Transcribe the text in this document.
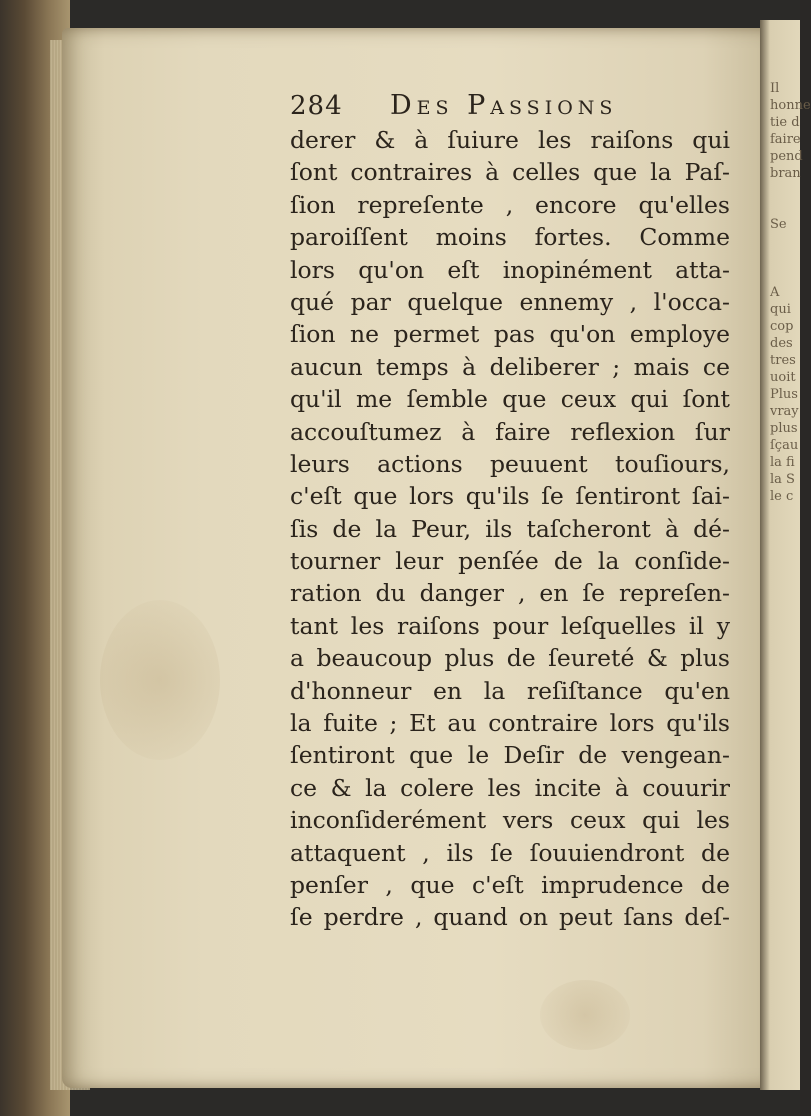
Il
honne
tie d
faire
pend
bran
Se
A
qui
cop
des
tres
uoit
Plus
vray
plus
ſçau
la fi
la S
le c
284	Des Passions
derer & à ſuiure les raiſons qui
ſont contraires à celles que la Paſ-
ſion repreſente , encore qu'elles
paroiſſent moins fortes. Comme
lors qu'on eſt inopinément atta-
qué par quelque ennemy , l'occa-
ſion ne permet pas qu'on employe
aucun temps à deliberer ; mais ce
qu'il me ſemble que ceux qui ſont
accouſtumez à faire reflexion ſur
leurs actions peuuent touſiours,
c'eſt que lors qu'ils ſe ſentiront ſai-
ſis de la Peur, ils taſcheront à dé-
tourner leur penſée de la conſide-
ration du danger , en ſe repreſen-
tant les raiſons pour leſquelles il y
a beaucoup plus de ſeureté & plus
d'honneur en la reſiſtance qu'en
la fuite ; Et au contraire lors qu'ils
ſentiront que le Deſir de vengean-
ce & la colere les incite à couurir
inconſiderément vers ceux qui les
attaquent , ils ſe ſouuiendront de
penſer , que c'eſt imprudence de
ſe perdre , quand on peut ſans deſ-
